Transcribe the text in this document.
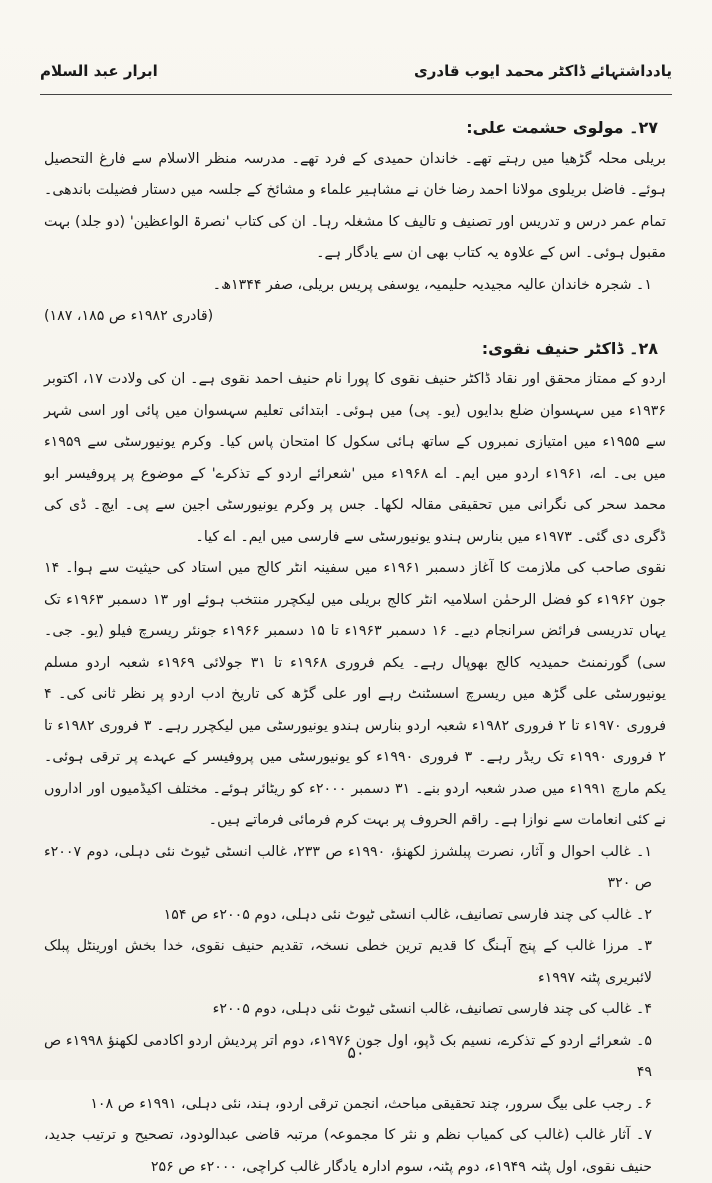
یادداشتہائے ڈاکٹر محمد ایوب قادری
ابرار عبد السلام
۲۷۔ مولوی حشمت علی:

بریلی محلہ گڑھیا میں رہتے تھے۔ خاندان حمیدی کے فرد تھے۔ مدرسہ منظر الاسلام سے فارغ التحصیل ہوئے۔ فاضل بریلوی مولانا احمد رضا خان نے مشاہیر علماء و مشائخ کے جلسہ میں دستار فضیلت باندھی۔ تمام عمر درس و تدریس اور تصنیف و تالیف کا مشغلہ رہا۔ ان کی کتاب 'نصرۃ الواعظین' (دو جلد) بہت مقبول ہوئی۔ اس کے علاوہ یہ کتاب بھی ان سے یادگار ہے۔

۱۔ شجرہ خاندان عالیہ مجیدیہ حلیمیہ، یوسفی پریس بریلی، صفر ۱۳۴۴ھ۔

(قادری ۱۹۸۲ء ص ۱۸۵، ۱۸۷)

۲۸۔ ڈاکٹر حنیف نقوی:

اردو کے ممتاز محقق اور نقاد ڈاکٹر حنیف نقوی کا پورا نام حنیف احمد نقوی ہے۔ ان کی ولادت ۱۷، اکتوبر ۱۹۳۶ء میں سہسوان ضلع بدایوں (یو۔ پی) میں ہوئی۔ ابتدائی تعلیم سہسوان میں پائی اور اسی شہر سے ۱۹۵۵ء میں امتیازی نمبروں کے ساتھ ہائی سکول کا امتحان پاس کیا۔ وکرم یونیورسٹی سے ۱۹۵۹ء میں بی۔ اے، ۱۹۶۱ء اردو میں ایم۔ اے ۱۹۶۸ء میں 'شعرائے اردو کے تذکرے' کے موضوع پر پروفیسر ابو محمد سحر کی نگرانی میں تحقیقی مقالہ لکھا۔ جس پر وکرم یونیورسٹی اجین سے پی۔ ایچ۔ ڈی کی ڈگری دی گئی۔ ۱۹۷۳ء میں بنارس ہندو یونیورسٹی سے فارسی میں ایم۔ اے کیا۔

نقوی صاحب کی ملازمت کا آغاز دسمبر ۱۹۶۱ء میں سفینہ انٹر کالج میں استاد کی حیثیت سے ہوا۔ ۱۴ جون ۱۹۶۲ء کو فضل الرحمٰن اسلامیہ انٹر کالج بریلی میں لیکچرر منتخب ہوئے اور ۱۳ دسمبر ۱۹۶۳ء تک یہاں تدریسی فرائض سرانجام دیے۔ ۱۶ دسمبر ۱۹۶۳ء تا ۱۵ دسمبر ۱۹۶۶ء جونئر ریسرچ فیلو (یو۔ جی۔ سی) گورنمنٹ حمیدیہ کالج بھوپال رہے۔ یکم فروری ۱۹۶۸ء تا ۳۱ جولائی ۱۹۶۹ء شعبہ اردو مسلم یونیورسٹی علی گڑھ میں ریسرچ اسسٹنٹ رہے اور علی گڑھ کی تاریخ ادب اردو پر نظر ثانی کی۔ ۴ فروری ۱۹۷۰ء تا ۲ فروری ۱۹۸۲ء شعبہ اردو بنارس ہندو یونیورسٹی میں لیکچرر رہے۔ ۳ فروری ۱۹۸۲ء تا ۲ فروری ۱۹۹۰ء تک ریڈر رہے۔ ۳ فروری ۱۹۹۰ء کو یونیورسٹی میں پروفیسر کے عہدے پر ترقی ہوئی۔ یکم مارچ ۱۹۹۱ء میں صدر شعبہ اردو بنے۔ ۳۱ دسمبر ۲۰۰۰ء کو ریٹائر ہوئے۔ مختلف اکیڈمیوں اور اداروں نے کئی انعامات سے نوازا ہے۔ راقم الحروف پر بہت کرم فرمائی فرماتے ہیں۔

۱۔ غالب احوال و آثار، نصرت پبلشرز لکھنؤ، ۱۹۹۰ء ص ۲۳۳، غالب انسٹی ٹیوٹ نئی دہلی، دوم ۲۰۰۷ء ص ۳۲۰

۲۔ غالب کی چند فارسی تصانیف، غالب انسٹی ٹیوٹ نئی دہلی، دوم ۲۰۰۵ء ص ۱۵۴

۳۔ مرزا غالب کے پنج آہنگ کا قدیم ترین خطی نسخہ، تقدیم حنیف نقوی، خدا بخش اورینٹل پبلک لائبریری پٹنہ ۱۹۹۷ء

۴۔ غالب کی چند فارسی تصانیف، غالب انسٹی ٹیوٹ نئی دہلی، دوم ۲۰۰۵ء

۵۔ شعرائے اردو کے تذکرے، نسیم بک ڈپو، اول جون ۱۹۷۶ء، دوم اتر پردیش اردو اکادمی لکھنؤ ۱۹۹۸ء ص ۴۹

۶۔ رجب علی بیگ سرور، چند تحقیقی مباحث، انجمن ترقی اردو، ہند، نئی دہلی، ۱۹۹۱ء ص ۱۰۸

۷۔ آثار غالب (غالب کی کمیاب نظم و نثر کا مجموعہ) مرتبہ قاضی عبدالودود، تصحیح و ترتیب جدید، حنیف نقوی، اول پٹنہ ۱۹۴۹ء، دوم پٹنہ، سوم ادارہ یادگار غالب کراچی، ۲۰۰۰ء ص ۲۵۶

۵۰
